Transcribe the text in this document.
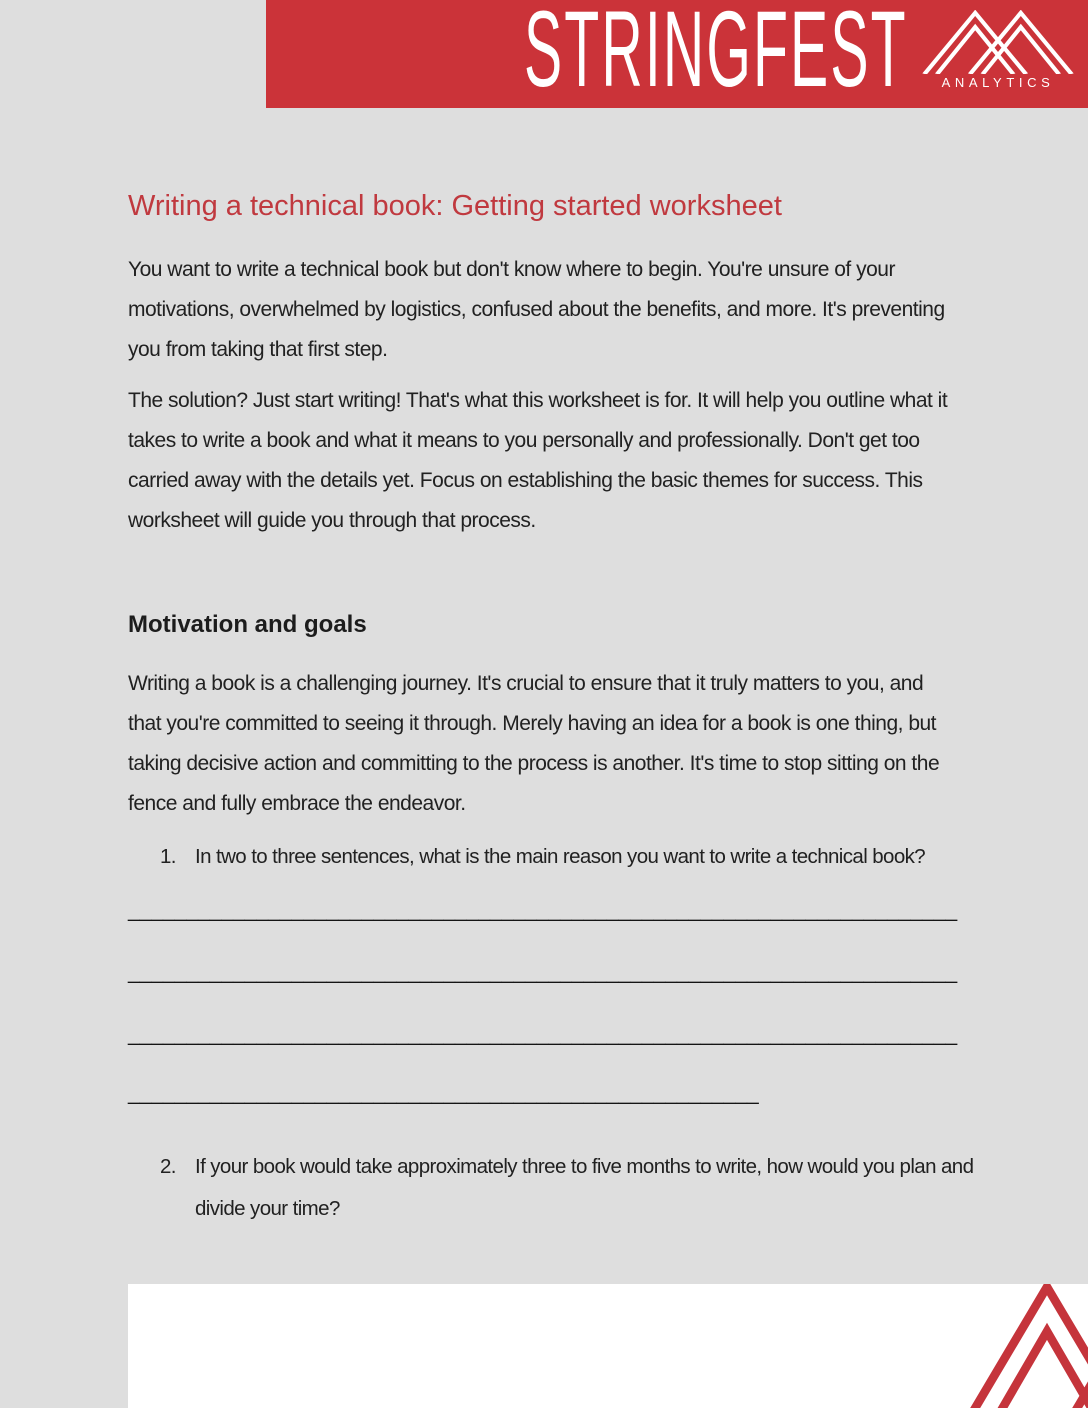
STRINGFEST	ANALYTICS
Writing a technical book: Getting started worksheet

You want to write a technical book but don't know where to begin. You're unsure of your motivations, overwhelmed by logistics, confused about the benefits, and more. It's preventing you from taking that first step.

The solution? Just start writing! That's what this worksheet is for. It will help you outline what it takes to write a book and what it means to you personally and professionally. Don't get too carried away with the details yet. Focus on establishing the basic themes for success. This worksheet will guide you through that process.

Motivation and goals

Writing a book is a challenging journey. It's crucial to ensure that it truly matters to you, and that you're committed to seeing it through. Merely having an idea for a book is one thing, but taking decisive action and committing to the process is another. It's time to stop sitting on the fence and fully embrace the endeavor.

1. In two to three sentences, what is the main reason you want to write a technical book?
_______________________________________________________________________
_______________________________________________________________________
_______________________________________________________________________
______________________________________________________
2. If your book would take approximately three to five months to write, how would you plan and divide your time?
